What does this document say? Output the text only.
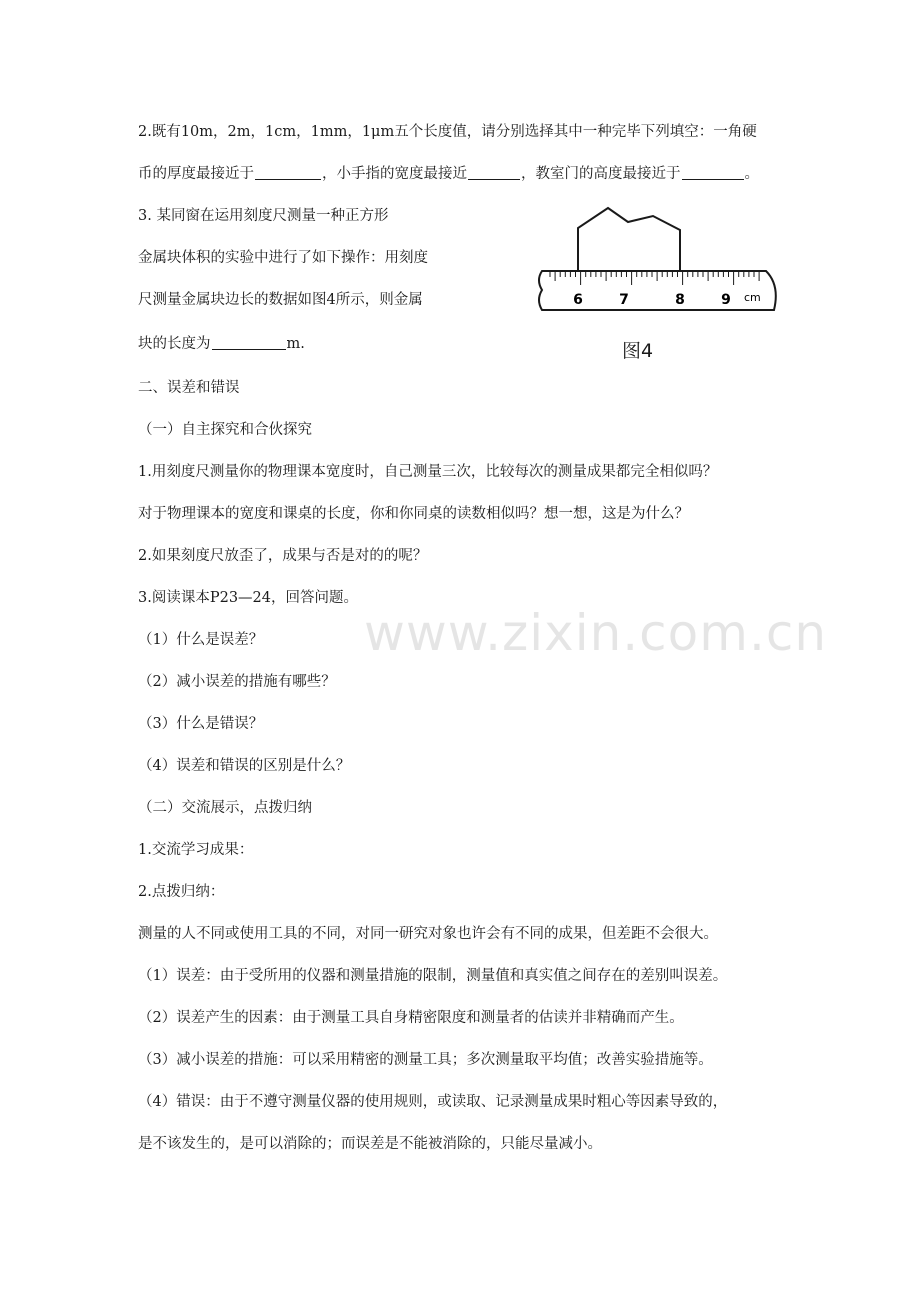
www.zixin.com.cn
2.既有10m，2m，1cm，1mm，1μm五个长度值，请分别选择其中一种完毕下列填空：一角硬
币的厚度最接近于	，小手指的宽度最接近	，教室门的高度最接近于	。
3. 某同窗在运用刻度尺测量一种正方形
金属块体积的实验中进行了如下操作：用刻度
尺测量金属块边长的数据如图4所示，则金属
块的长度为	m.
6	7	8	9 cm
图4
二、误差和错误
（一）自主探究和合伙探究
1.用刻度尺测量你的物理课本宽度时，自己测量三次，比较每次的测量成果都完全相似吗？
对于物理课本的宽度和课桌的长度，你和你同桌的读数相似吗？想一想，这是为什么？
2.如果刻度尺放歪了，成果与否是对的的呢？
3.阅读课本P23—24，回答问题。
（1）什么是误差？
（2）减小误差的措施有哪些？
（3）什么是错误？
（4）误差和错误的区别是什么？
（二）交流展示，点拨归纳
1.交流学习成果：
2.点拨归纳：
测量的人不同或使用工具的不同，对同一研究对象也许会有不同的成果，但差距不会很大。
（1）误差：由于受所用的仪器和测量措施的限制，测量值和真实值之间存在的差别叫误差。
（2）误差产生的因素：由于测量工具自身精密限度和测量者的估读并非精确而产生。
（3）减小误差的措施：可以采用精密的测量工具；多次测量取平均值；改善实验措施等。
（4）错误：由于不遵守测量仪器的使用规则，或读取、记录测量成果时粗心等因素导致的，
是不该发生的，是可以消除的；而误差是不能被消除的，只能尽量减小。
